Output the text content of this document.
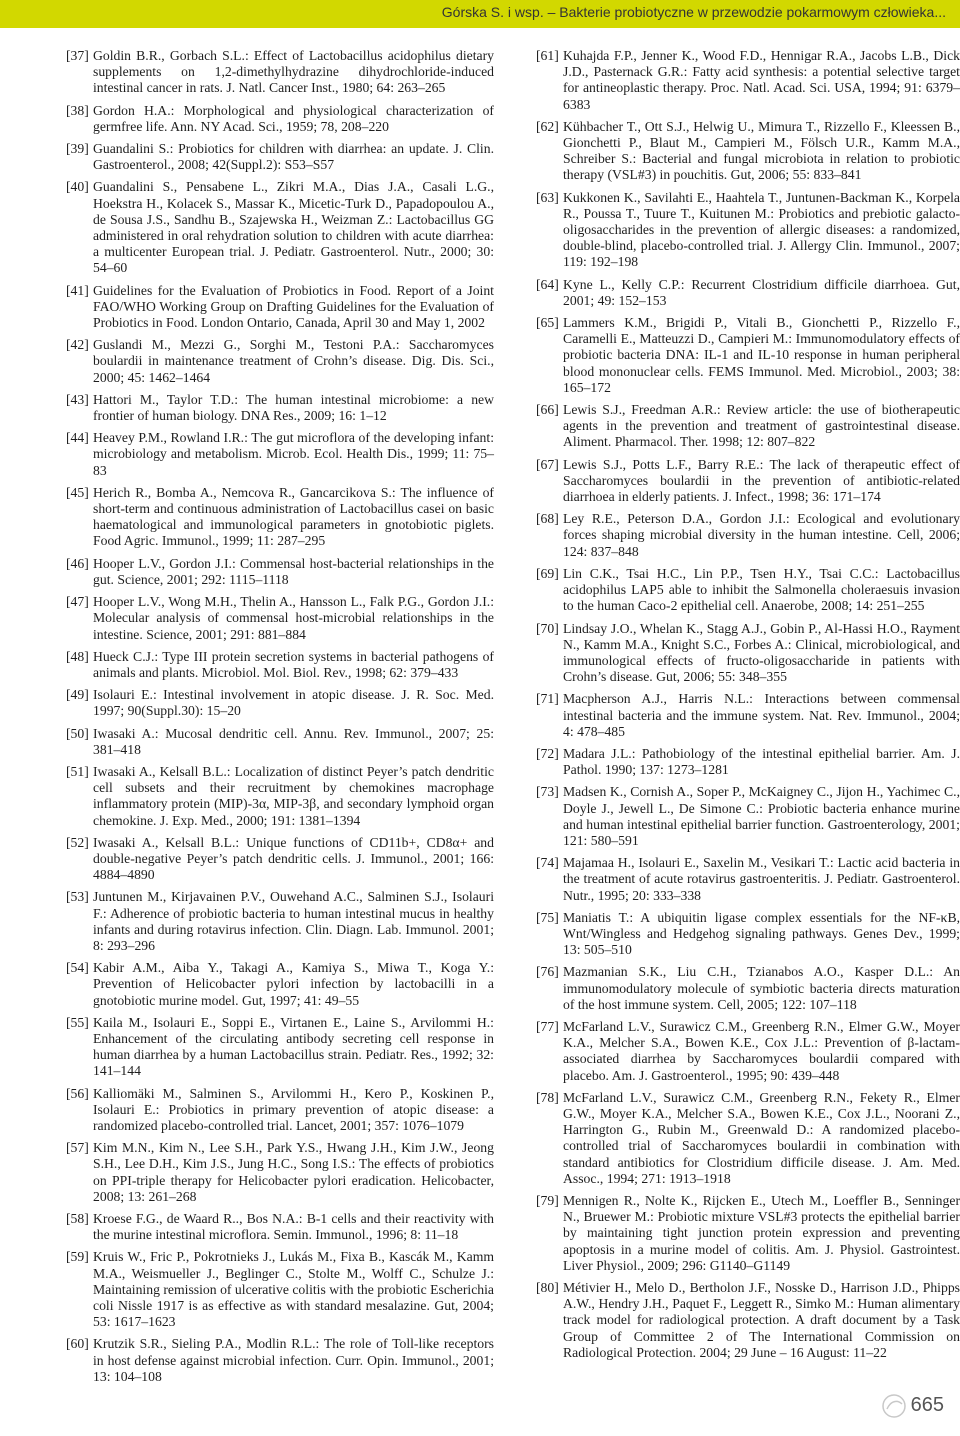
Górska S. i wsp. – Bakterie probiotyczne w przewodzie pokarmowym człowieka...
[37] Goldin B.R., Gorbach S.L.: Effect of Lactobacillus acidophilus dietary supplements on 1,2-dimethylhydrazine dihydrochloride-induced intestinal cancer in rats. J. Natl. Cancer Inst., 1980; 64: 263–265
[38] Gordon H.A.: Morphological and physiological characterization of germfree life. Ann. NY Acad. Sci., 1959; 78, 208–220
[39] Guandalini S.: Probiotics for children with diarrhea: an update. J. Clin. Gastroenterol., 2008; 42(Suppl.2): S53–S57
[40] Guandalini S., Pensabene L., Zikri M.A., Dias J.A., Casali L.G., Hoekstra H., Kolacek S., Massar K., Micetic-Turk D., Papadopoulou A., de Sousa J.S., Sandhu B., Szajewska H., Weizman Z.: Lactobacillus GG administered in oral rehydration solution to children with acute diarrhea: a multicenter European trial. J. Pediatr. Gastroenterol. Nutr., 2000; 30: 54–60
[41] Guidelines for the Evaluation of Probiotics in Food. Report of a Joint FAO/WHO Working Group on Drafting Guidelines for the Evaluation of Probiotics in Food. London Ontario, Canada, April 30 and May 1, 2002
[42] Guslandi M., Mezzi G., Sorghi M., Testoni P.A.: Saccharomyces boulardii in maintenance treatment of Crohn’s disease. Dig. Dis. Sci., 2000; 45: 1462–1464
[43] Hattori M., Taylor T.D.: The human intestinal microbiome: a new frontier of human biology. DNA Res., 2009; 16: 1–12
[44] Heavey P.M., Rowland I.R.: The gut microflora of the developing infant: microbiology and metabolism. Microb. Ecol. Health Dis., 1999; 11: 75–83
[45] Herich R., Bomba A., Nemcova R., Gancarcikova S.: The influence of short-term and continuous administration of Lactobacillus casei on basic haematological and immunological parameters in gnotobiotic piglets. Food Agric. Immunol., 1999; 11: 287–295
[46] Hooper L.V., Gordon J.I.: Commensal host-bacterial relationships in the gut. Science, 2001; 292: 1115–1118
[47] Hooper L.V., Wong M.H., Thelin A., Hansson L., Falk P.G., Gordon J.I.: Molecular analysis of commensal host-microbial relationships in the intestine. Science, 2001; 291: 881–884
[48] Hueck C.J.: Type III protein secretion systems in bacterial pathogens of animals and plants. Microbiol. Mol. Biol. Rev., 1998; 62: 379–433
[49] Isolauri E.: Intestinal involvement in atopic disease. J. R. Soc. Med. 1997; 90(Suppl.30): 15–20
[50] Iwasaki A.: Mucosal dendritic cell. Annu. Rev. Immunol., 2007; 25: 381–418
[51] Iwasaki A., Kelsall B.L.: Localization of distinct Peyer’s patch dendritic cell subsets and their recruitment by chemokines macrophage inflammatory protein (MIP)-3α, MIP-3β, and secondary lymphoid organ chemokine. J. Exp. Med., 2000; 191: 1381–1394
[52] Iwasaki A., Kelsall B.L.: Unique functions of CD11b+, CD8α+ and double-negative Peyer’s patch dendritic cells. J. Immunol., 2001; 166: 4884–4890
[53] Juntunen M., Kirjavainen P.V., Ouwehand A.C., Salminen S.J., Isolauri F.: Adherence of probiotic bacteria to human intestinal mucus in healthy infants and during rotavirus infection. Clin. Diagn. Lab. Immunol. 2001; 8: 293–296
[54] Kabir A.M., Aiba Y., Takagi A., Kamiya S., Miwa T., Koga Y.: Prevention of Helicobacter pylori infection by lactobacilli in a gnotobiotic murine model. Gut, 1997; 41: 49–55
[55] Kaila M., Isolauri E., Soppi E., Virtanen E., Laine S., Arvilommi H.: Enhancement of the circulating antibody secreting cell response in human diarrhea by a human Lactobacillus strain. Pediatr. Res., 1992; 32: 141–144
[56] Kalliomäki M., Salminen S., Arvilommi H., Kero P., Koskinen P., Isolauri E.: Probiotics in primary prevention of atopic disease: a randomized placebo-controlled trial. Lancet, 2001; 357: 1076–1079
[57] Kim M.N., Kim N., Lee S.H., Park Y.S., Hwang J.H., Kim J.W., Jeong S.H., Lee D.H., Kim J.S., Jung H.C., Song I.S.: The effects of probiotics on PPI-triple therapy for Helicobacter pylori eradication. Helicobacter, 2008; 13: 261–268
[58] Kroese F.G., de Waard R.., Bos N.A.: B-1 cells and their reactivity with the murine intestinal microflora. Semin. Immunol., 1996; 8: 11–18
[59] Kruis W., Fric P., Pokrotnieks J., Lukás M., Fixa B., Kascák M., Kamm M.A., Weismueller J., Beglinger C., Stolte M., Wolff C., Schulze J.: Maintaining remission of ulcerative colitis with the probiotic Escherichia coli Nissle 1917 is as effective as with standard mesalazine. Gut, 2004; 53: 1617–1623
[60] Krutzik S.R., Sieling P.A., Modlin R.L.: The role of Toll-like receptors in host defense against microbial infection. Curr. Opin. Immunol., 2001; 13: 104–108
[61] Kuhajda F.P., Jenner K., Wood F.D., Hennigar R.A., Jacobs L.B., Dick J.D., Pasternack G.R.: Fatty acid synthesis: a potential selective target for antineoplastic therapy. Proc. Natl. Acad. Sci. USA, 1994; 91: 6379–6383
[62] Kühbacher T., Ott S.J., Helwig U., Mimura T., Rizzello F., Kleessen B., Gionchetti P., Blaut M., Campieri M., Fölsch U.R., Kamm M.A., Schreiber S.: Bacterial and fungal microbiota in relation to probiotic therapy (VSL#3) in pouchitis. Gut, 2006; 55: 833–841
[63] Kukkonen K., Savilahti E., Haahtela T., Juntunen-Backman K., Korpela R., Poussa T., Tuure T., Kuitunen M.: Probiotics and prebiotic galacto-oligosaccharides in the prevention of allergic diseases: a randomized, double-blind, placebo-controlled trial. J. Allergy Clin. Immunol., 2007; 119: 192–198
[64] Kyne L., Kelly C.P.: Recurrent Clostridium difficile diarrhoea. Gut, 2001; 49: 152–153
[65] Lammers K.M., Brigidi P., Vitali B., Gionchetti P., Rizzello F., Caramelli E., Matteuzzi D., Campieri M.: Immunomodulatory effects of probiotic bacteria DNA: IL-1 and IL-10 response in human peripheral blood mononuclear cells. FEMS Immunol. Med. Microbiol., 2003; 38: 165–172
[66] Lewis S.J., Freedman A.R.: Review article: the use of biotherapeutic agents in the prevention and treatment of gastrointestinal disease. Aliment. Pharmacol. Ther. 1998; 12: 807–822
[67] Lewis S.J., Potts L.F., Barry R.E.: The lack of therapeutic effect of Saccharomyces boulardii in the prevention of antibiotic-related diarrhoea in elderly patients. J. Infect., 1998; 36: 171–174
[68] Ley R.E., Peterson D.A., Gordon J.I.: Ecological and evolutionary forces shaping microbial diversity in the human intestine. Cell, 2006; 124: 837–848
[69] Lin C.K., Tsai H.C., Lin P.P., Tsen H.Y., Tsai C.C.: Lactobacillus acidophilus LAP5 able to inhibit the Salmonella choleraesuis invasion to the human Caco-2 epithelial cell. Anaerobe, 2008; 14: 251–255
[70] Lindsay J.O., Whelan K., Stagg A.J., Gobin P., Al-Hassi H.O., Rayment N., Kamm M.A., Knight S.C., Forbes A.: Clinical, microbiological, and immunological effects of fructo-oligosaccharide in patients with Crohn’s disease. Gut, 2006; 55: 348–355
[71] Macpherson A.J., Harris N.L.: Interactions between commensal intestinal bacteria and the immune system. Nat. Rev. Immunol., 2004; 4: 478–485
[72] Madara J.L.: Pathobiology of the intestinal epithelial barrier. Am. J. Pathol. 1990; 137: 1273–1281
[73] Madsen K., Cornish A., Soper P., McKaigney C., Jijon H., Yachimec C., Doyle J., Jewell L., De Simone C.: Probiotic bacteria enhance murine and human intestinal epithelial barrier function. Gastroenterology, 2001; 121: 580–591
[74] Majamaa H., Isolauri E., Saxelin M., Vesikari T.: Lactic acid bacteria in the treatment of acute rotavirus gastroenteritis. J. Pediatr. Gastroenterol. Nutr., 1995; 20: 333–338
[75] Maniatis T.: A ubiquitin ligase complex essentials for the NF-κB, Wnt/Wingless and Hedgehog signaling pathways. Genes Dev., 1999; 13: 505–510
[76] Mazmanian S.K., Liu C.H., Tzianabos A.O., Kasper D.L.: An immunomodulatory molecule of symbiotic bacteria directs maturation of the host immune system. Cell, 2005; 122: 107–118
[77] McFarland L.V., Surawicz C.M., Greenberg R.N., Elmer G.W., Moyer K.A., Melcher S.A., Bowen K.E., Cox J.L.: Prevention of β-lactam-associated diarrhea by Saccharomyces boulardii compared with placebo. Am. J. Gastroenterol., 1995; 90: 439–448
[78] McFarland L.V., Surawicz C.M., Greenberg R.N., Fekety R., Elmer G.W., Moyer K.A., Melcher S.A., Bowen K.E., Cox J.L., Noorani Z., Harrington G., Rubin M., Greenwald D.: A randomized placebo-controlled trial of Saccharomyces boulardii in combination with standard antibiotics for Clostridium difficile disease. J. Am. Med. Assoc., 1994; 271: 1913–1918
[79] Mennigen R., Nolte K., Rijcken E., Utech M., Loeffler B., Senninger N., Bruewer M.: Probiotic mixture VSL#3 protects the epithelial barrier by maintaining tight junction protein expression and preventing apoptosis in a murine model of colitis. Am. J. Physiol. Gastrointest. Liver Physiol., 2009; 296: G1140–G1149
[80] Métivier H., Melo D., Bertholon J.F., Nosske D., Harrison J.D., Phipps A.W., Hendry J.H., Paquet F., Leggett R., Simko M.: Human alimentary track model for radiological protection. A draft document by a Task Group of Committee 2 of The International Commission on Radiological Protection. 2004; 29 June – 16 August: 11–22
665
